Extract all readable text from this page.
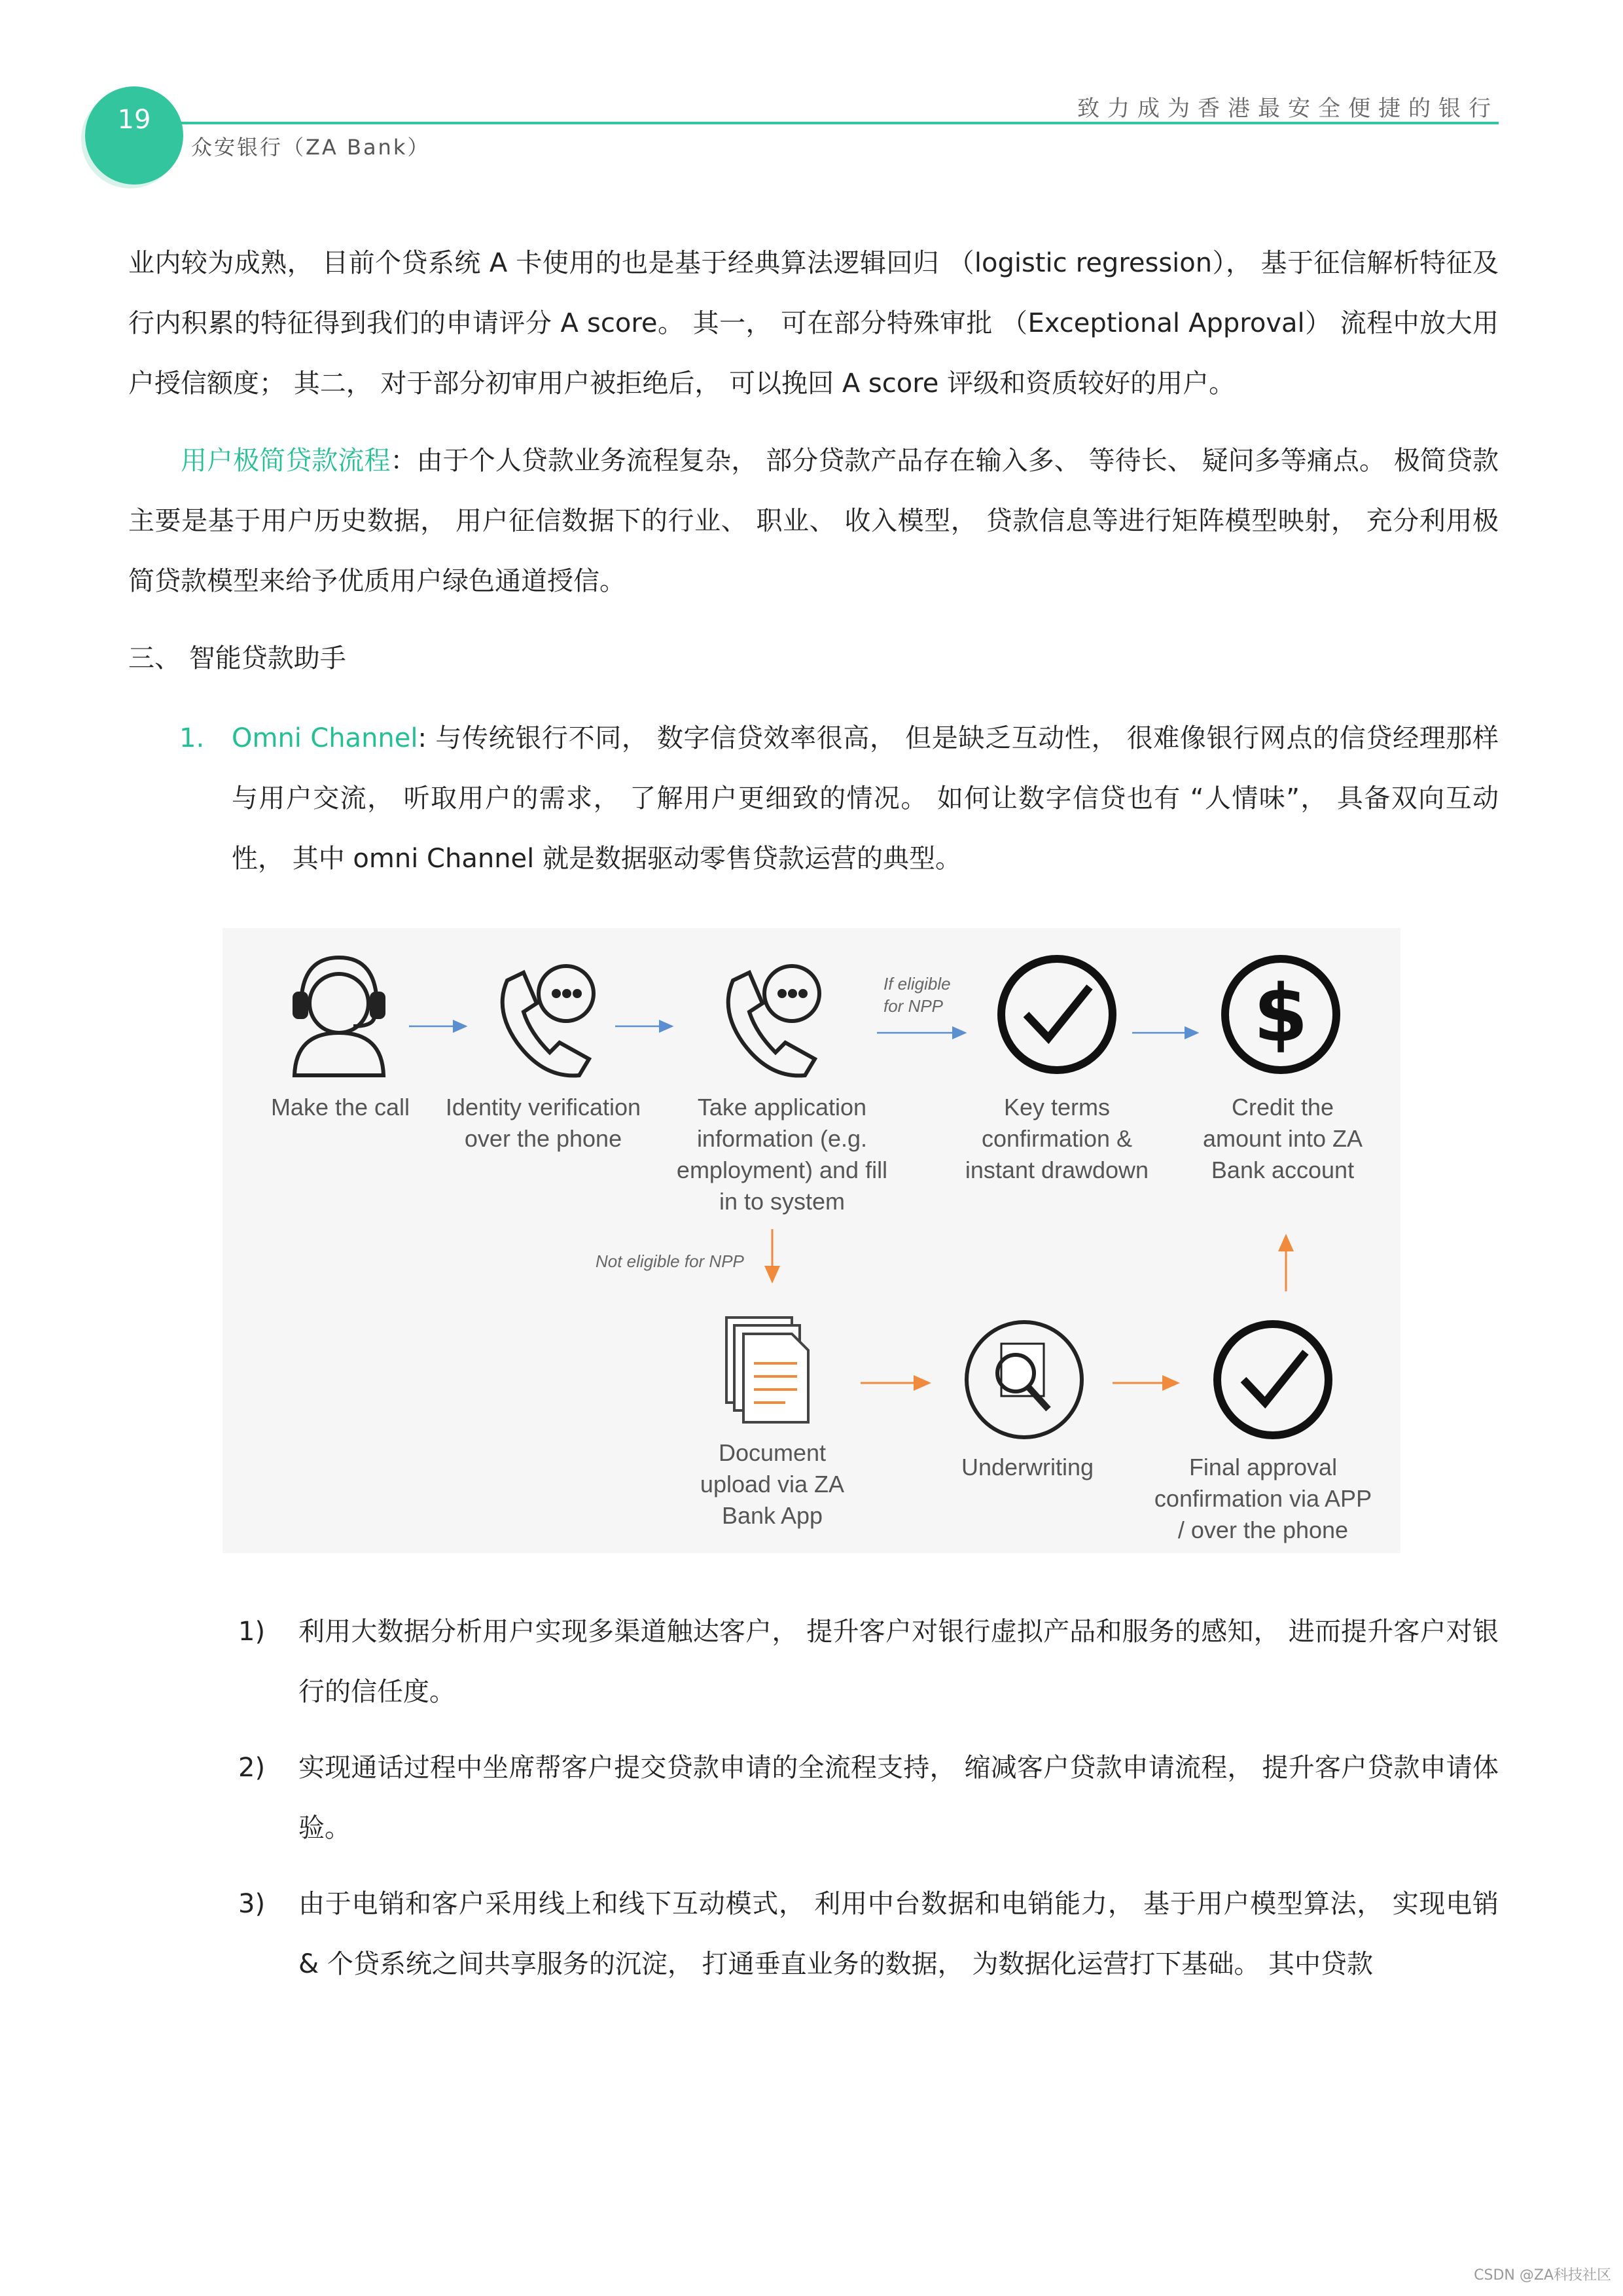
19	致力成为香港最安全便捷的银行
众安银行（ZA Bank）
业内较为成熟， 目前个贷系统 A 卡使用的也是基于经典算法逻辑回归 （logistic regression）， 基于征信解析特征及行内积累的特征得到我们的申请评分 A score。 其一， 可在部分特殊审批 （Exceptional Approval） 流程中放大用户授信额度； 其二， 对于部分初审用户被拒绝后， 可以挽回 A score 评级和资质较好的用户。
用户极简贷款流程：由于个人贷款业务流程复杂， 部分贷款产品存在输入多、 等待长、 疑问多等痛点。 极简贷款主要是基于用户历史数据， 用户征信数据下的行业、 职业、 收入模型， 贷款信息等进行矩阵模型映射， 充分利用极简贷款模型来给予优质用户绿色通道授信。
三、 智能贷款助手
1. Omni Channel: 与传统银行不同， 数字信贷效率很高， 但是缺乏互动性， 很难像银行网点的信贷经理那样与用户交流， 听取用户的需求， 了解用户更细致的情况。 如何让数字信贷也有 “人情味”， 具备双向互动性， 其中 omni Channel 就是数据驱动零售贷款运营的典型。
$
If eligible for NPP
Not eligible for NPP
Make the call	Identity verification over the phone
Take application information (e.g. employment) and fill in to system
Key terms confirmation & instant drawdown
Credit the amount into ZA Bank account
Document upload via ZA Bank App
Underwriting	Final approval confirmation via APP / over the phone
1) 利用大数据分析用户实现多渠道触达客户， 提升客户对银行虚拟产品和服务的感知， 进而提升客户对银行的信任度。
2) 实现通话过程中坐席帮客户提交贷款申请的全流程支持， 缩减客户贷款申请流程， 提升客户贷款申请体验。
3) 由于电销和客户采用线上和线下互动模式， 利用中台数据和电销能力， 基于用户模型算法， 实现电销 & 个贷系统之间共享服务的沉淀， 打通垂直业务的数据， 为数据化运营打下基础。 其中贷款
CSDN @ZA科技社区
